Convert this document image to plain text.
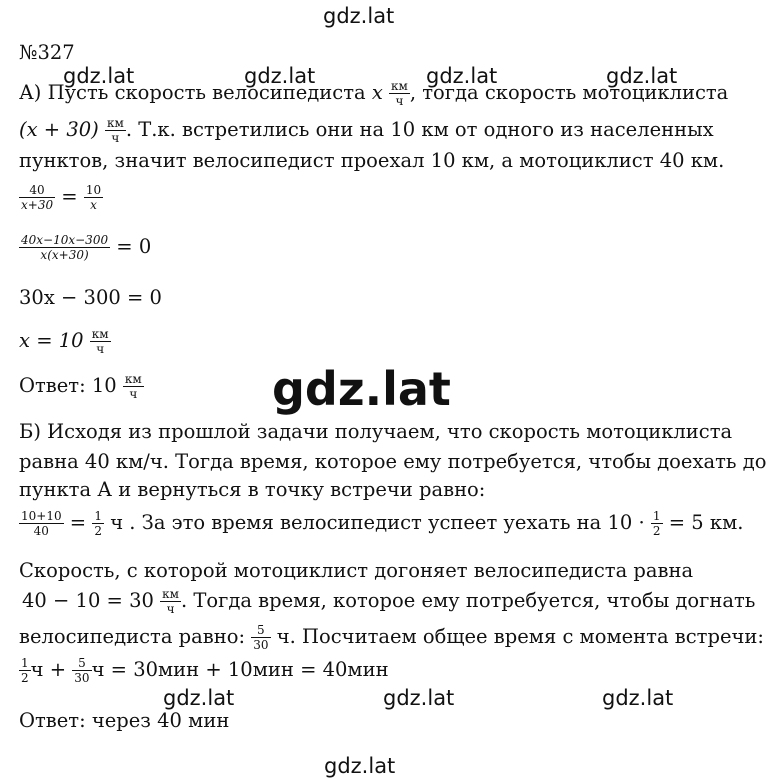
gdz.lat
gdz.lat	gdz.lat	gdz.lat	gdz.lat
gdz.lat
gdz.lat	gdz.lat	gdz.lat
gdz.lat
№327
А) Пусть скорость велосипедиста x $\frac{км}{ч}$ , тогда скорость мотоциклиста
$(x + 30) \frac{км}{ч}$ . Т.к. встретились они на 10 км от одного из населенных
пунктов, значит велосипедист проехал 10 км, а мотоциклист 40 км.
$\frac{40}{x+30} = \frac{10}{x}$
$\frac{40x-10x-300}{x(x+30)} = 0$
30x − 300 = 0
$x = 10 \frac{км}{ч}$
Ответ: $10 \frac{км}{ч}$
Б) Исходя из прошлой задачи получаем, что скорость мотоциклиста
равна 40 км/ч. Тогда время, которое ему потребуется, чтобы доехать до
пункта А и вернуться в точку встречи равно:
$\frac{10+10}{40} = \frac{1}{2}$ ч . За это время велосипедист успеет уехать на $10 \cdot \frac{1}{2} = 5$ км.
Скорость, с которой мотоциклист догоняет велосипедиста равна
$40 - 10 = 30 \frac{км}{ч}$ . Тогда время, которое ему потребуется, чтобы догнать
велосипедиста равно: $\frac{5}{30} ч$. Посчитаем общее время с момента встречи:
$\frac{1}{2}$ $ч + \frac{5}{30}$ ч = 30мин + 10мин = 40мин
Ответ: через 40 мин
